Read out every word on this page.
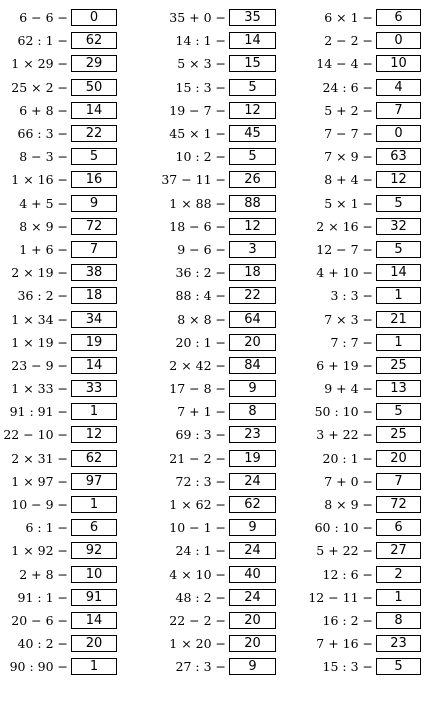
6 − 6 −	0
62 : 1 −	62
1 × 29 −	29
25 × 2 −	50
6 + 8 −	14
66 : 3 −	22
8 − 3 −	5
1 × 16 −	16
4 + 5 −	9
8 × 9 −	72
1 + 6 −	7
2 × 19 −	38
36 : 2 −	18
1 × 34 −	34
1 × 19 −	19
23 − 9 −	14
1 × 33 −	33
91 : 91 −	1
22 − 10 −	12
2 × 31 −	62
1 × 97 −	97
10 − 9 −	1
6 : 1 −	6
1 × 92 −	92
2 + 8 −	10
91 : 1 −	91
20 − 6 −	14
40 : 2 −	20
90 : 90 −	1
35 + 0 −	35
14 : 1 −	14
5 × 3 −	15
15 : 3 −	5
19 − 7 −	12
45 × 1 −	45
10 : 2 −	5
37 − 11 −	26
1 × 88 −	88
18 − 6 −	12
9 − 6 −	3
36 : 2 −	18
88 : 4 −	22
8 × 8 −	64
20 : 1 −	20
2 × 42 −	84
17 − 8 −	9
7 + 1 −	8
69 : 3 −	23
21 − 2 −	19
72 : 3 −	24
1 × 62 −	62
10 − 1 −	9
24 : 1 −	24
4 × 10 −	40
48 : 2 −	24
22 − 2 −	20
1 × 20 −	20
27 : 3 −	9
6 × 1 −	6
2 − 2 −	0
14 − 4 −	10
24 : 6 −	4
5 + 2 −	7
7 − 7 −	0
7 × 9 −	63
8 + 4 −	12
5 × 1 −	5
2 × 16 −	32
12 − 7 −	5
4 + 10 −	14
3 : 3 −	1
7 × 3 −	21
7 : 7 −	1
6 + 19 −	25
9 + 4 −	13
50 : 10 −	5
3 + 22 −	25
20 : 1 −	20
7 + 0 −	7
8 × 9 −	72
60 : 10 −	6
5 + 22 −	27
12 : 6 −	2
12 − 11 −	1
16 : 2 −	8
7 + 16 −	23
15 : 3 −	5
